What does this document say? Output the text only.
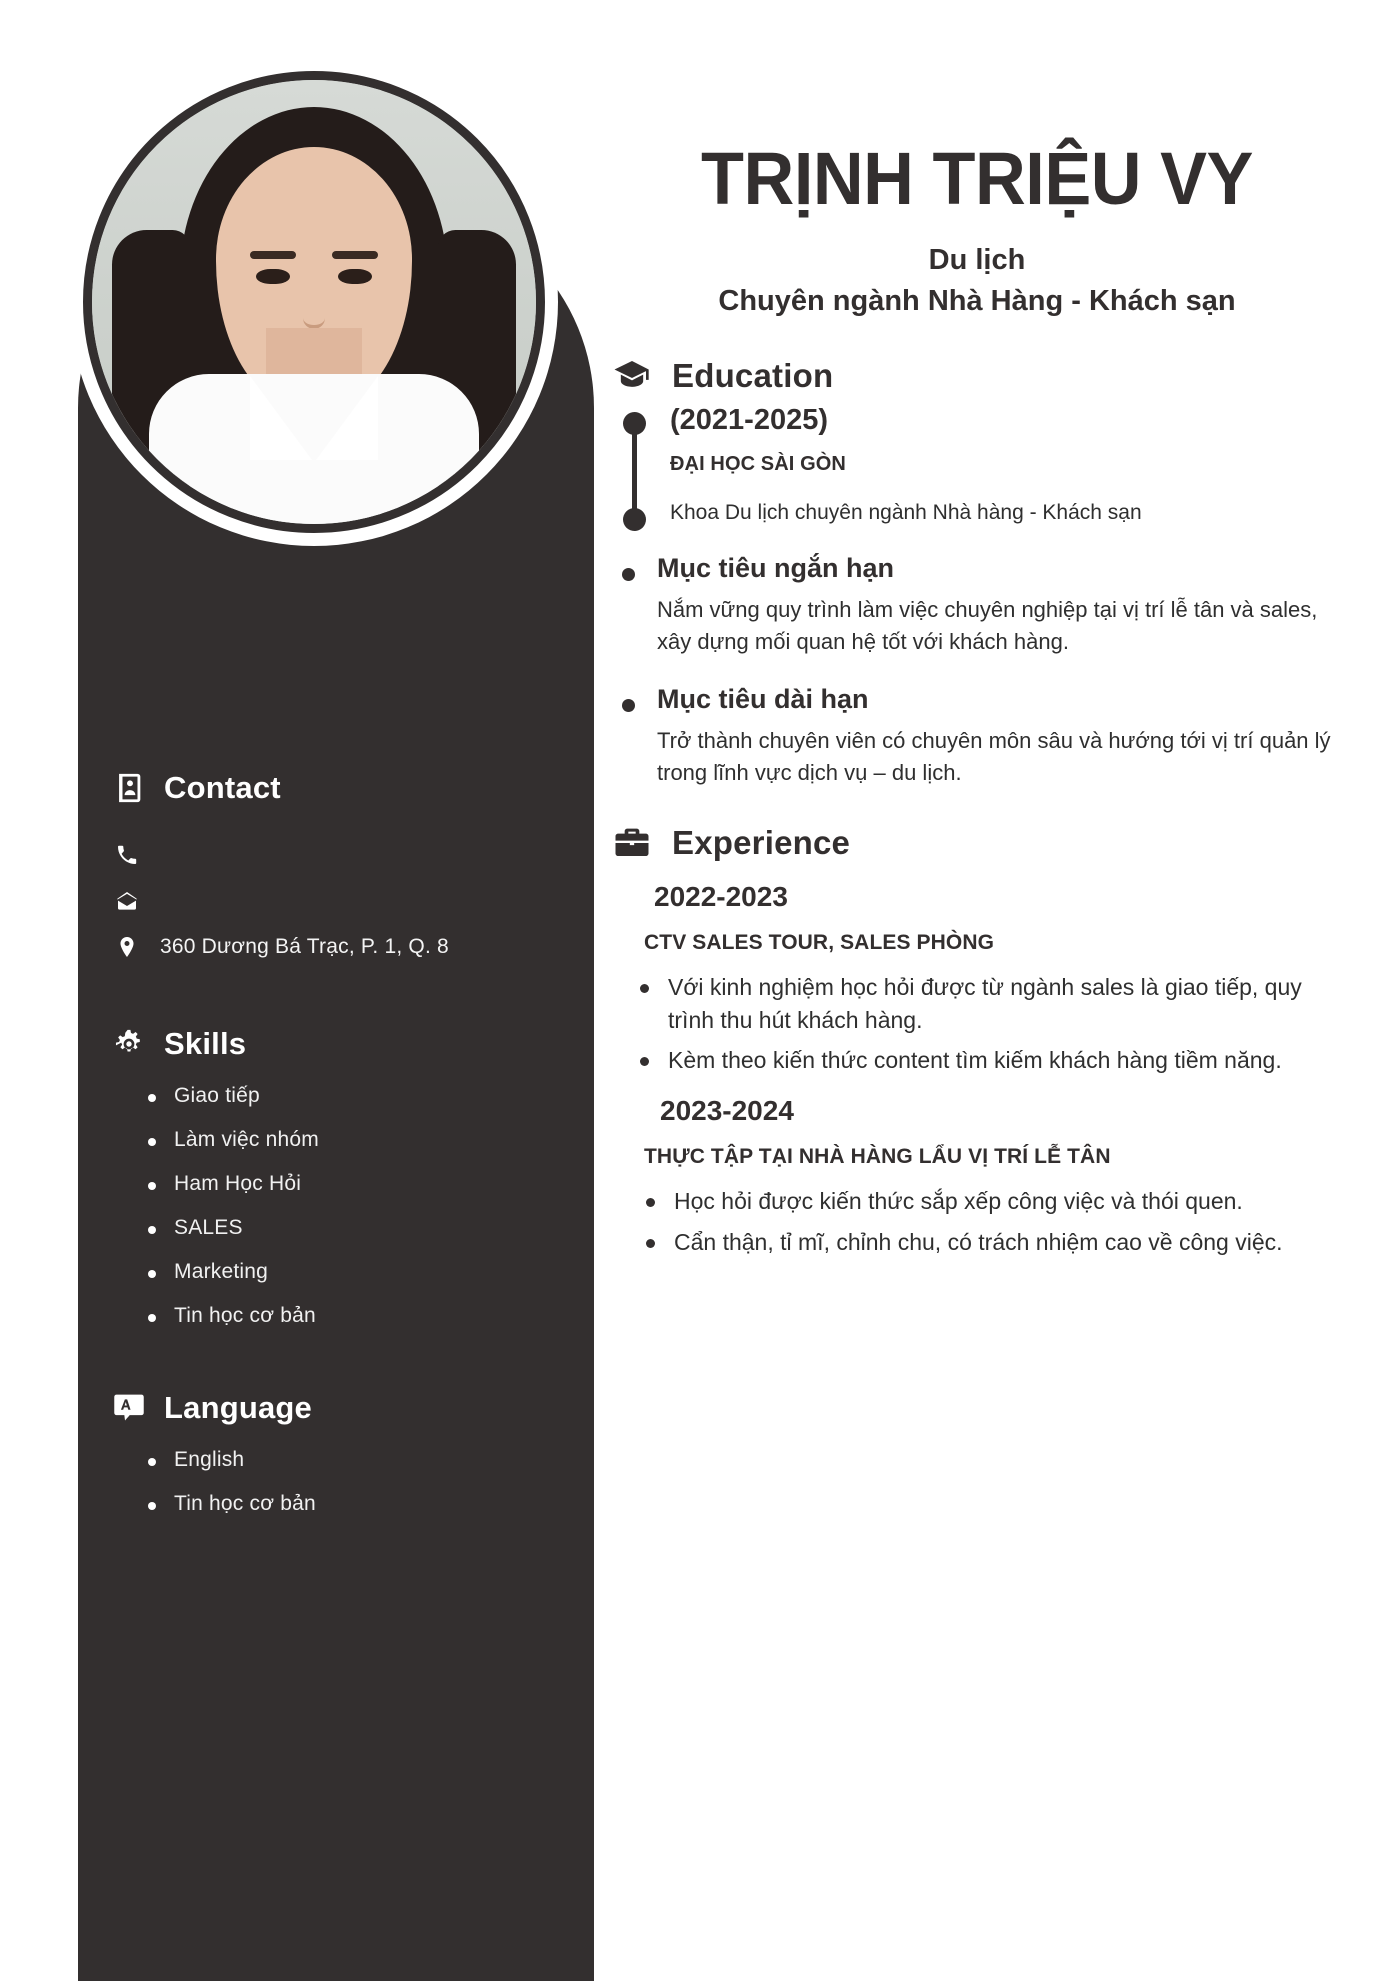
Contact
360 Dương Bá Trạc, P. 1, Q. 8
Skills
Giao tiếp
Làm việc nhóm
Ham Học Hỏi
SALES
Marketing
Tin học cơ bản
Language
English
Tin học cơ bản
TRỊNH TRIỆU VY
Du lịch
Chuyên ngành Nhà Hàng - Khách sạn
Education
(2021-2025)
ĐẠI HỌC SÀI GÒN
Khoa Du lịch chuyên ngành Nhà hàng - Khách sạn
Mục tiêu ngắn hạn
Nắm vững quy trình làm việc chuyên nghiệp tại vị trí lễ tân và sales, xây dựng mối quan hệ tốt với khách hàng.
Mục tiêu dài hạn
Trở thành chuyên viên có chuyên môn sâu và hướng tới vị trí quản lý trong lĩnh vực dịch vụ – du lịch.
Experience
2022-2023
CTV SALES TOUR, SALES PHÒNG
Với kinh nghiệm học hỏi được từ ngành sales là giao tiếp, quy trình thu hút khách hàng.
Kèm theo kiến thức content tìm kiếm khách hàng tiềm năng.
2023-2024
THỰC TẬP TẠI NHÀ HÀNG LẨU VỊ TRÍ LỄ TÂN
Học hỏi được kiến thức sắp xếp công việc và thói quen.
Cẩn thận, tỉ mĩ, chỉnh chu, có trách nhiệm cao về công việc.
